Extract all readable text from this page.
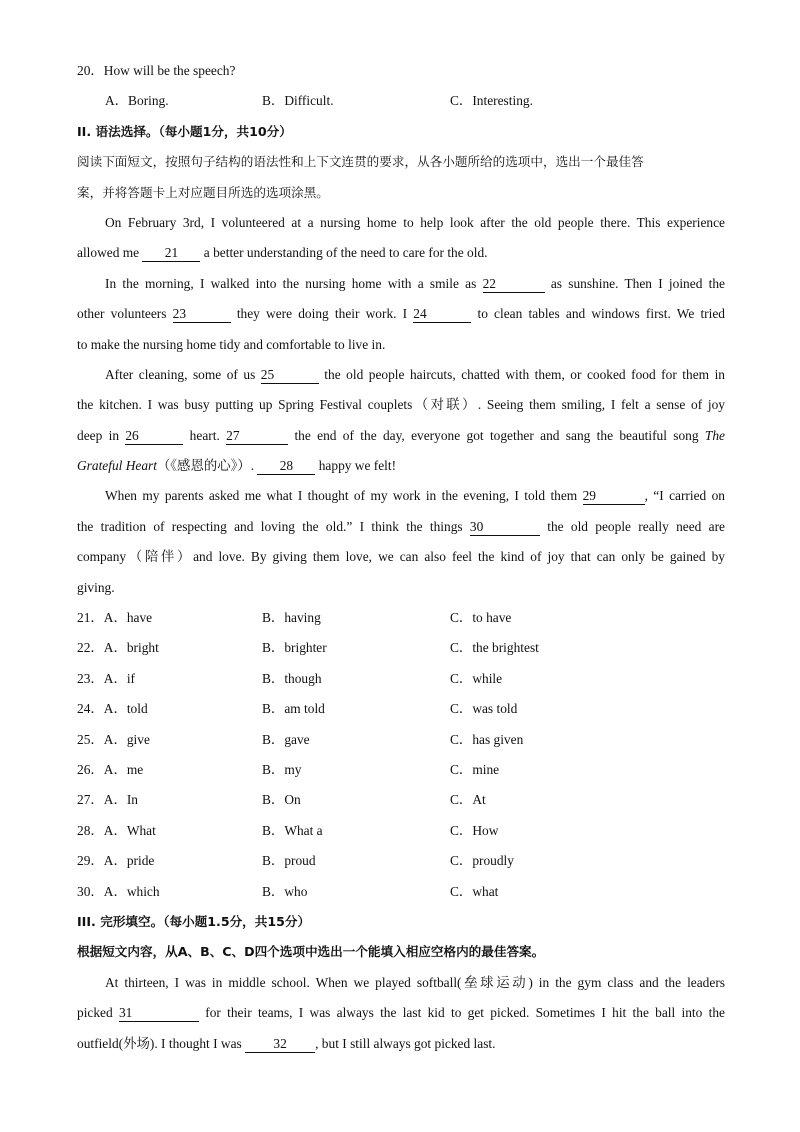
20．How will be the speech?
A．Boring.	B．Difficult.	C．Interesting.
II. 语法选择。（每小题1分，共10分）
阅读下面短文，按照句子结构的语法性和上下文连贯的要求，从各小题所给的选项中，选出一个最佳答
案，并将答题卡上对应题目所选的选项涂黑。
On February 3rd, I volunteered at a nursing home to help look after the old people there. This experience
allowed me 21 a better understanding of the need to care for the old.
In the morning, I walked into the nursing home with a smile as 22	as sunshine. Then I joined the
other volunteers 23	they were doing their work. I 24	to clean tables and windows first. We tried
to make the nursing home tidy and comfortable to live in.
After cleaning, some of us 25	the old people haircuts, chatted with them, or cooked food for them in
the kitchen. I was busy putting up Spring Festival couplets（对联）. Seeing them smiling, I felt a sense of joy
deep in 26	heart. 27	the end of the day, everyone got together and sang the beautiful song The
Grateful Heart（《感恩的心》）. 28 happy we felt!
When my parents asked me what I thought of my work in the evening, I told them 29	, “I carried on
the tradition of respecting and loving the old.” I think the things 30	the old people really need are
company（陪伴）and love. By giving them love, we can also feel the kind of joy that can only be gained by
giving.
21．A．have	B．having	C．to have
22．A．bright	B．brighter	C．the brightest
23．A．if	B．though	C．while
24．A．told	B．am told	C．was told
25．A．give	B．gave	C．has given
26．A．me	B．my	C．mine
27．A．In	B．On	C．At
28．A．What	B．What a	C．How
29．A．pride	B．proud	C．proudly
30．A．which	B．who	C．what
III. 完形填空。（每小题1.5分，共15分）
根据短文内容，从A、B、C、D四个选项中选出一个能填入相应空格内的最佳答案。
At thirteen, I was in middle school. When we played softball(垒球运动) in the gym class and the leaders
picked 31	for their teams, I was always the last kid to get picked. Sometimes I hit the ball into the
outfield(外场). I thought I was 32 , but I still always got picked last.
